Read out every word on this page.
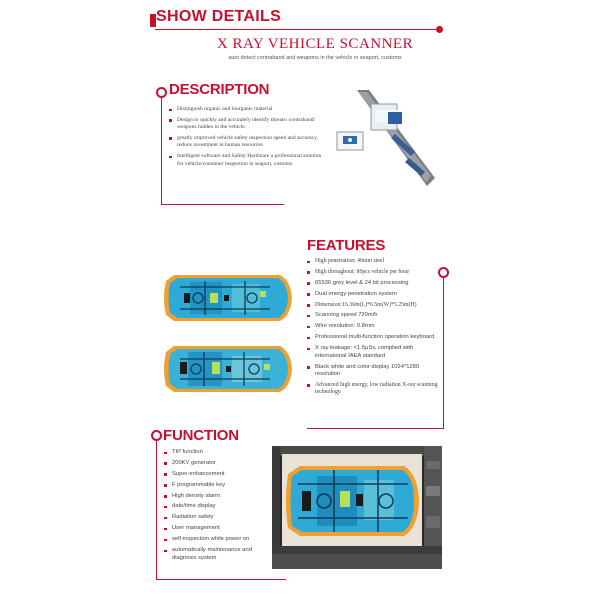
SHOW DETAILS
X RAY VEHICLE SCANNER
auto detect contraband and weapons in the vehicle in seaport, customs
DESCRIPTION
Distinguish organic and inorganic material
Design to quickly and accurately identify threats/ contraband/ weapons hidden in the vehicle.
greatly improved vehicle safety inspection speed and accuracy, reduce investment in human resources
Intelligent software and Safety Hardware a professional solution for vehicle/container inspection in seaport, customs.
FEATURES
High penetration: 40mm steel
High throughout: 80pcs vehicle per hour
65536 grey level & 24 bit processing
Dual energy penetration system
Dimension:16.36m(L)*6.5m(W)*5.25m(H)
Scanning speed 720m/h
Wire resolution: 0.8mm
Professional multi-function operation keyboard
X ray leakage: <1.5μSv, complied with international IAEA standard
Black white and color display 1024*1280 resolution
Advanced high energy, low radiation X-ray scanning technology
FUNCTION
TIP function
200KV generator
Super-enhancement
F programmable key
High density alarm
date/time display
Radiation safety
User management
self-inspection while power on
automatically maintenance and diagnosis system
